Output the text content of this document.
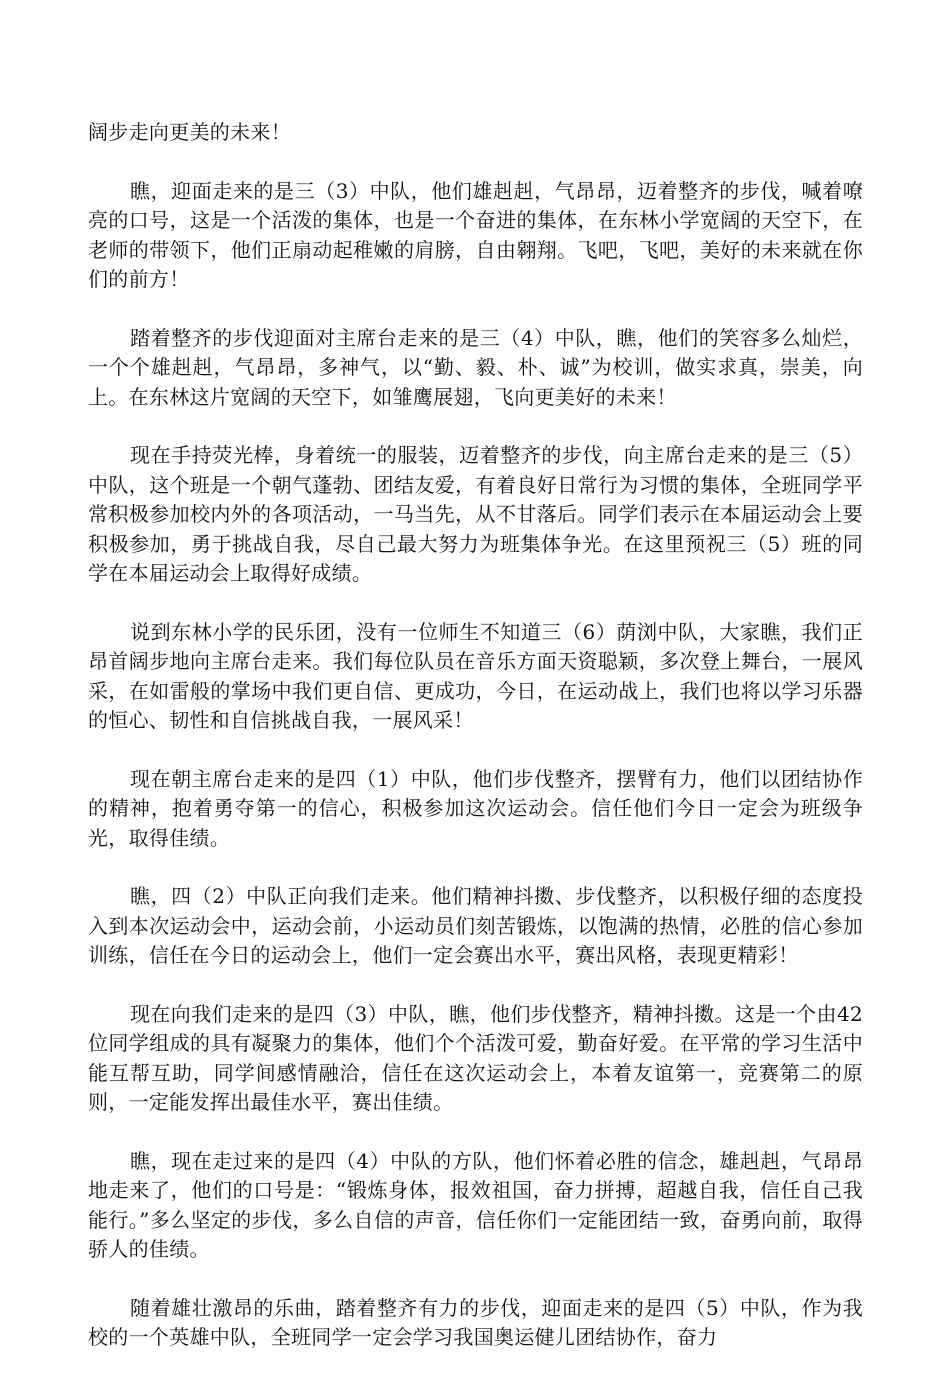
阔步走向更美的未来！

瞧，迎面走来的是三（3）中队，他们雄赳赳，气昂昂，迈着整齐的步伐，喊着嘹亮的口号，这是一个活泼的集体，也是一个奋进的集体，在东林小学宽阔的天空下，在老师的带领下，他们正扇动起稚嫩的肩膀，自由翱翔。飞吧，飞吧，美好的未来就在你们的前方！

踏着整齐的步伐迎面对主席台走来的是三（4）中队，瞧，他们的笑容多么灿烂，一个个雄赳赳，气昂昂，多神气，以“勤、毅、朴、诚”为校训，做实求真，崇美，向上。在东林这片宽阔的天空下，如雏鹰展翅，飞向更美好的未来！

现在手持荧光棒，身着统一的服装，迈着整齐的步伐，向主席台走来的是三（5）中队，这个班是一个朝气蓬勃、团结友爱，有着良好日常行为习惯的集体，全班同学平常积极参加校内外的各项活动，一马当先，从不甘落后。同学们表示在本届运动会上要积极参加，勇于挑战自我，尽自己最大努力为班集体争光。在这里预祝三（5）班的同学在本届运动会上取得好成绩。

说到东林小学的民乐团，没有一位师生不知道三（6）荫浏中队，大家瞧，我们正昂首阔步地向主席台走来。我们每位队员在音乐方面天资聪颖，多次登上舞台，一展风采，在如雷般的掌场中我们更自信、更成功，今日，在运动战上，我们也将以学习乐器的恒心、韧性和自信挑战自我，一展风采！

现在朝主席台走来的是四（1）中队，他们步伐整齐，摆臂有力，他们以团结协作的精神，抱着勇夺第一的信心，积极参加这次运动会。信任他们今日一定会为班级争光，取得佳绩。

瞧，四（2）中队正向我们走来。他们精神抖擞、步伐整齐，以积极仔细的态度投入到本次运动会中，运动会前，小运动员们刻苦锻炼，以饱满的热情，必胜的信心参加训练，信任在今日的运动会上，他们一定会赛出水平，赛出风格，表现更精彩！

现在向我们走来的是四（3）中队，瞧，他们步伐整齐，精神抖擞。这是一个由42位同学组成的具有凝聚力的集体，他们个个活泼可爱，勤奋好爱。在平常的学习生活中能互帮互助，同学间感情融洽，信任在这次运动会上，本着友谊第一，竞赛第二的原则，一定能发挥出最佳水平，赛出佳绩。

瞧，现在走过来的是四（4）中队的方队，他们怀着必胜的信念，雄赳赳，气昂昂地走来了，他们的口号是：“锻炼身体，报效祖国，奋力拼搏，超越自我，信任自己我能行。”多么坚定的步伐，多么自信的声音，信任你们一定能团结一致，奋勇向前，取得骄人的佳绩。

随着雄壮激昂的乐曲，踏着整齐有力的步伐，迎面走来的是四（5）中队，作为我校的一个英雄中队，全班同学一定会学习我国奥运健儿团结协作，奋力
